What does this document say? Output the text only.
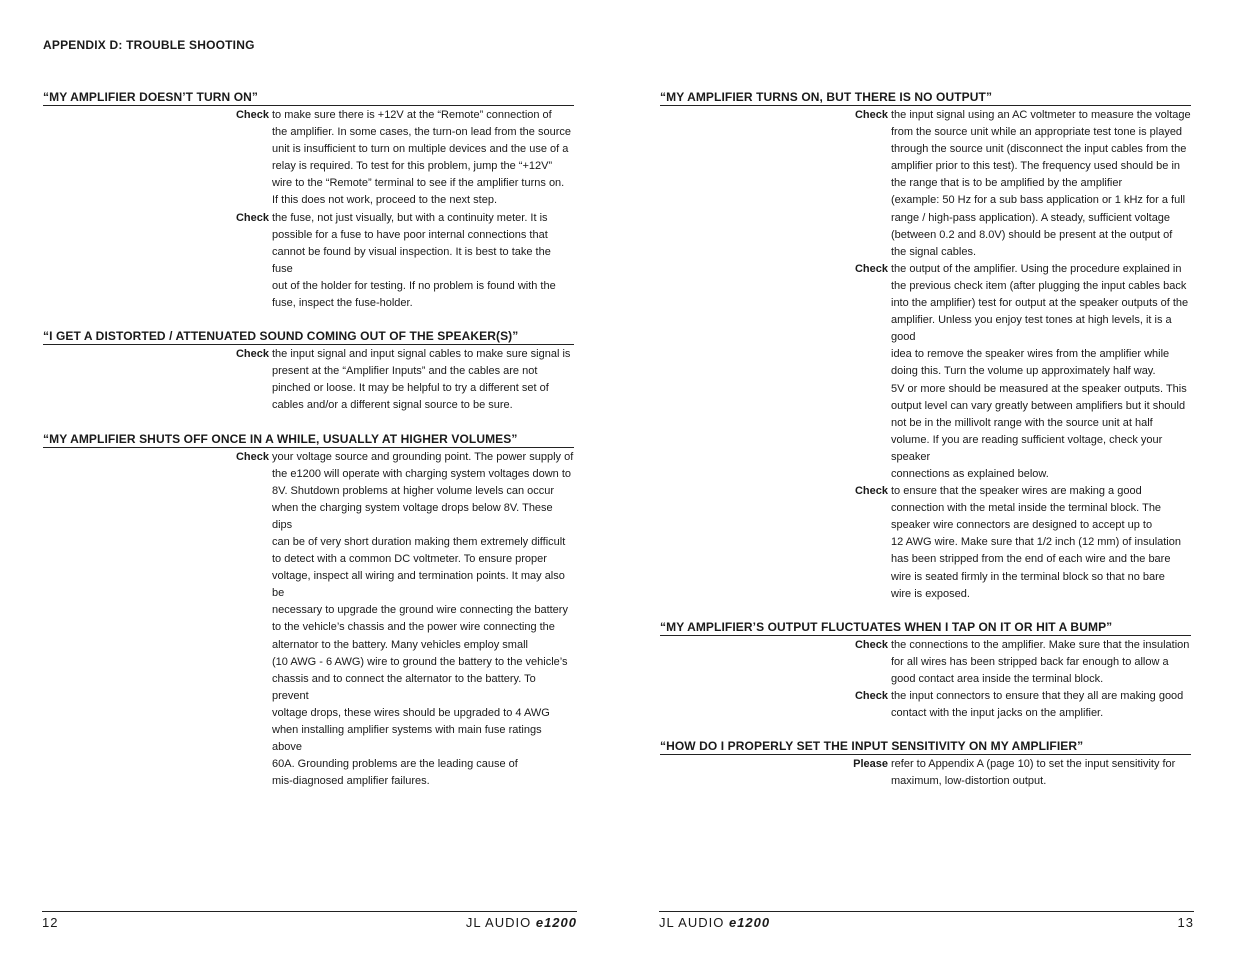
APPENDIX D: TROUBLE SHOOTING
“MY AMPLIFIER DOESN’T TURN ON”
Check to make sure there is +12V at the “Remote” connection of

the amplifier. In some cases, the turn-on lead from the source

unit is insufficient to turn on multiple devices and the use of a

relay is required. To test for this problem, jump the “+12V”

wire to the “Remote” terminal to see if the amplifier turns on.

If this does not work, proceed to the next step.

Check the fuse, not just visually, but with a continuity meter. It is

possible for a fuse to have poor internal connections that

cannot be found by visual inspection. It is best to take the fuse

out of the holder for testing. If no problem is found with the

fuse, inspect the fuse-holder.

“I GET A DISTORTED / ATTENUATED SOUND COMING OUT OF THE SPEAKER(S)”
Check the input signal and input signal cables to make sure signal is

present at the “Amplifier Inputs” and the cables are not

pinched or loose. It may be helpful to try a different set of

cables and/or a different signal source to be sure.

“MY AMPLIFIER SHUTS OFF ONCE IN A WHILE, USUALLY AT HIGHER VOLUMES”
Check your voltage source and grounding point. The power supply of

the e1200 will operate with charging system voltages down to

8V. Shutdown problems at higher volume levels can occur

when the charging system voltage drops below 8V. These dips

can be of very short duration making them extremely difficult

to detect with a common DC voltmeter. To ensure proper

voltage, inspect all wiring and termination points. It may also be

necessary to upgrade the ground wire connecting the battery

to the vehicle’s chassis and the power wire connecting the

alternator to the battery. Many vehicles employ small

(10 AWG - 6 AWG) wire to ground the battery to the vehicle’s

chassis and to connect the alternator to the battery. To prevent

voltage drops, these wires should be upgraded to 4 AWG

when installing amplifier systems with main fuse ratings above

60A. Grounding problems are the leading cause of

mis-diagnosed amplifier failures.

“MY AMPLIFIER TURNS ON, BUT THERE IS NO OUTPUT”
Check the input signal using an AC voltmeter to measure the voltage

from the source unit while an appropriate test tone is played

through the source unit (disconnect the input cables from the

amplifier prior to this test). The frequency used should be in

the range that is to be amplified by the amplifier

(example: 50 Hz for a sub bass application or 1 kHz for a full

range / high-pass application). A steady, sufficient voltage

(between 0.2 and 8.0V) should be present at the output of

the signal cables.

Check the output of the amplifier. Using the procedure explained in

the previous check item (after plugging the input cables back

into the amplifier) test for output at the speaker outputs of the

amplifier. Unless you enjoy test tones at high levels, it is a good

idea to remove the speaker wires from the amplifier while

doing this. Turn the volume up approximately half way.

5V or more should be measured at the speaker outputs. This

output level can vary greatly between amplifiers but it should

not be in the millivolt range with the source unit at half

volume. If you are reading sufficient voltage, check your speaker

connections as explained below.

Check to ensure that the speaker wires are making a good

connection with the metal inside the terminal block. The

speaker wire connectors are designed to accept up to

12 AWG wire. Make sure that 1/2 inch (12 mm) of insulation

has been stripped from the end of each wire and the bare

wire is seated firmly in the terminal block so that no bare

wire is exposed.

“MY AMPLIFIER’S OUTPUT FLUCTUATES WHEN I TAP ON IT OR HIT A BUMP”
Check the connections to the amplifier. Make sure that the insulation

for all wires has been stripped back far enough to allow a

good contact area inside the terminal block.

Check the input connectors to ensure that they all are making good

contact with the input jacks on the amplifier.

“HOW DO I PROPERLY SET THE INPUT SENSITIVITY ON MY AMPLIFIER”
Please refer to Appendix A (page 10) to set the input sensitivity for

maximum, low-distortion output.

12	JL AUDIO e1200	JL AUDIO e1200	13
